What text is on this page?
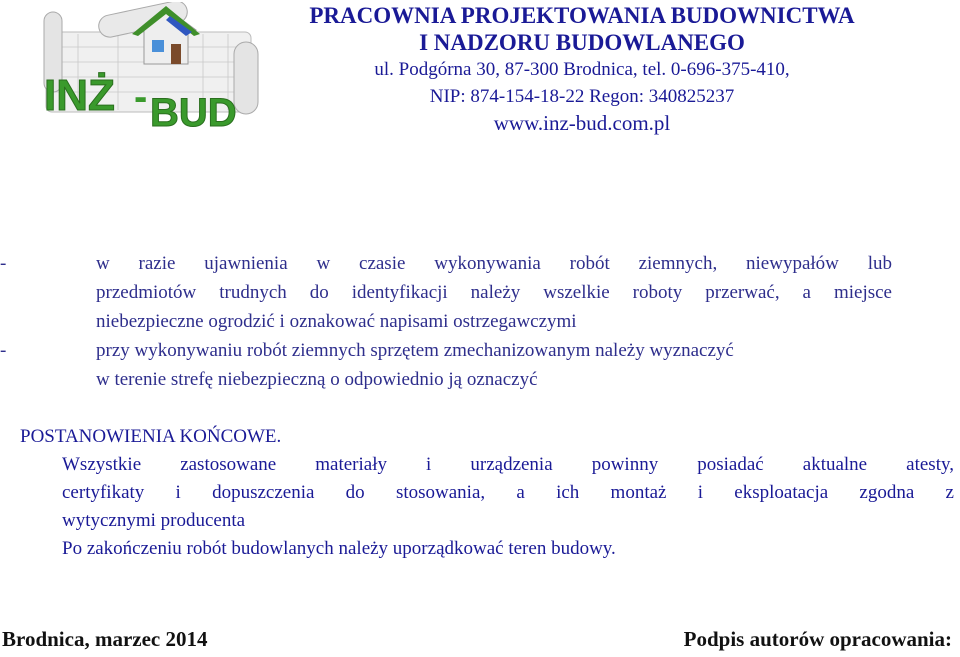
INŻ - BUD
PRACOWNIA PROJEKTOWANIA BUDOWNICTWA
I NADZORU BUDOWLANEGO
ul. Podgórna 30, 87-300 Brodnica, tel. 0-696-375-410,
NIP: 874-154-18-22 Regon: 340825237
www.inz-bud.com.pl
-	w razie ujawnienia w czasie wykonywania robót ziemnych, niewypałów lub
przedmiotów trudnych do identyfikacji należy wszelkie roboty przerwać, a miejsce
niebezpieczne ogrodzić i oznakować napisami ostrzegawczymi
-	przy wykonywaniu robót ziemnych sprzętem zmechanizowanym należy wyznaczyć
w terenie strefę niebezpieczną o odpowiednio ją oznaczyć
POSTANOWIENIA KOŃCOWE.
Wszystkie zastosowane materiały i urządzenia powinny posiadać aktualne atesty,
certyfikaty i dopuszczenia do stosowania, a ich montaż i eksploatacja zgodna z
wytycznymi producenta
Po zakończeniu robót budowlanych należy uporządkować teren budowy.
Brodnica, marzec 2014	Podpis autorów opracowania:
